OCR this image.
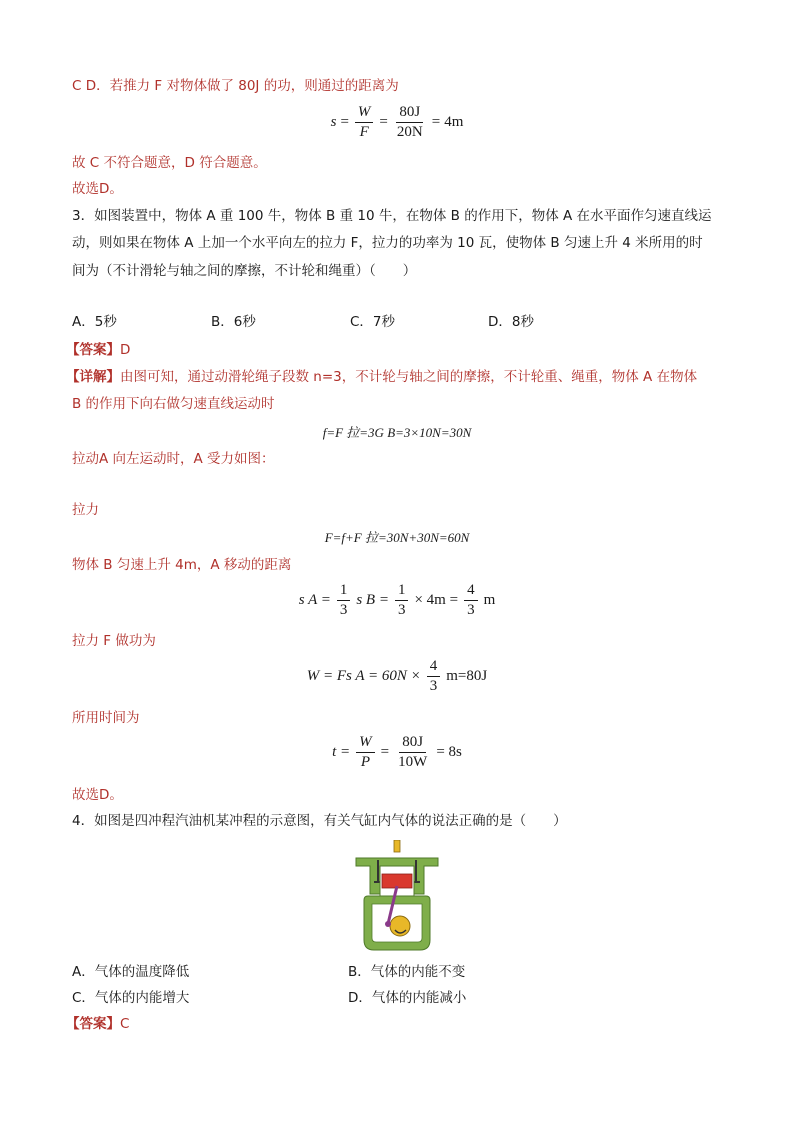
C D．若推力 F 对物体做了 80J 的功，则通过的距离为
$s = \frac{W}{F} = \frac{80J}{20N} = 4m$
故 C 不符合题意，D 符合题意。
故选D。
3．如图装置中，物体 A 重 100 牛，物体 B 重 10 牛，在物体 B 的作用下，物体 A 在水平面作匀速直线运
动，则如果在物体 A 上加一个水平向左的拉力 F，拉力的功率为 10 瓦，使物体 B 匀速上升 4 米所用的时
间为（不计滑轮与轴之间的摩擦，不计轮和绳重）（　　）
A．5秒	B．6秒	C．7秒	D．8秒
【答案】D
【详解】由图可知，通过动滑轮绳子段数 n=3，不计轮与轴之间的摩擦，不计轮重、绳重，物体 A 在物体
B 的作用下向右做匀速直线运动时
f=F 拉=3G B=3×10N=30N
拉动A 向左运动时，A 受力如图：
拉力
F=f+F 拉=30N+30N=60N
物体 B 匀速上升 4m，A 移动的距离
s $A = \frac{1}{3}$ s $B = \frac{1}{3} \times 4m = \frac{4}{3}$ m
拉力 F 做功为
W = Fs $A = 60N \times \frac{4}{3} m=80J$
所用时间为
$t = \frac{W}{P} = \frac{80J}{10W} = 8s$
故选D。
4．如图是四冲程汽油机某冲程的示意图，有关气缸内气体的说法正确的是（　　）
A．气体的温度降低	B．气体的内能不变
C．气体的内能增大	D．气体的内能减小
【答案】C
